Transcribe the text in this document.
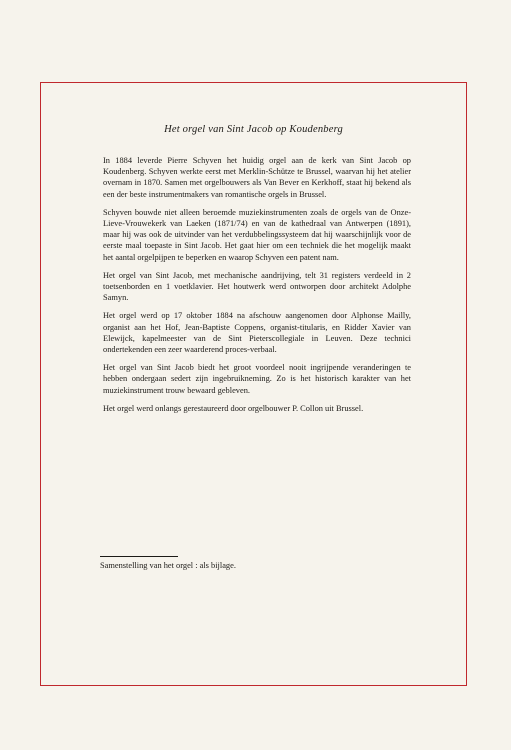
Het orgel van Sint Jacob op Koudenberg

In 1884 leverde Pierre Schyven het huidig orgel aan de kerk van Sint Jacob op Koudenberg. Schyven werkte eerst met Merklin-Schütze te Brussel, waarvan hij het atelier overnam in 1870. Samen met orgelbouwers als Van Bever en Kerkhoff, staat hij bekend als een der beste instrumentmakers van romantische orgels in Brussel.

Schyven bouwde niet alleen beroemde muziekinstrumenten zoals de orgels van de Onze-Lieve-Vrouwekerk van Laeken (1871/74) en van de kathedraal van Antwerpen (1891), maar hij was ook de uitvinder van het verdubbelingssysteem dat hij waarschijnlijk voor de eerste maal toepaste in Sint Jacob. Het gaat hier om een techniek die het mogelijk maakt het aantal orgelpijpen te beperken en waarop Schyven een patent nam.

Het orgel van Sint Jacob, met mechanische aandrijving, telt 31 registers verdeeld in 2 toetsenborden en 1 voetklavier. Het houtwerk werd ontworpen door architekt Adolphe Samyn.

Het orgel werd op 17 oktober 1884 na afschouw aangenomen door Alphonse Mailly, organist aan het Hof, Jean-Baptiste Coppens, organist-titularis, en Ridder Xavier van Elewijck, kapelmeester van de Sint Pieterscollegiale in Leuven. Deze technici ondertekenden een zeer waarderend proces-verbaal.

Het orgel van Sint Jacob biedt het groot voordeel nooit ingrijpende veranderingen te hebben ondergaan sedert zijn ingebruikneming. Zo is het historisch karakter van het muziekinstrument trouw bewaard gebleven.

Het orgel werd onlangs gerestaureerd door orgelbouwer P. Collon uit Brussel.

Samenstelling van het orgel : als bijlage.
